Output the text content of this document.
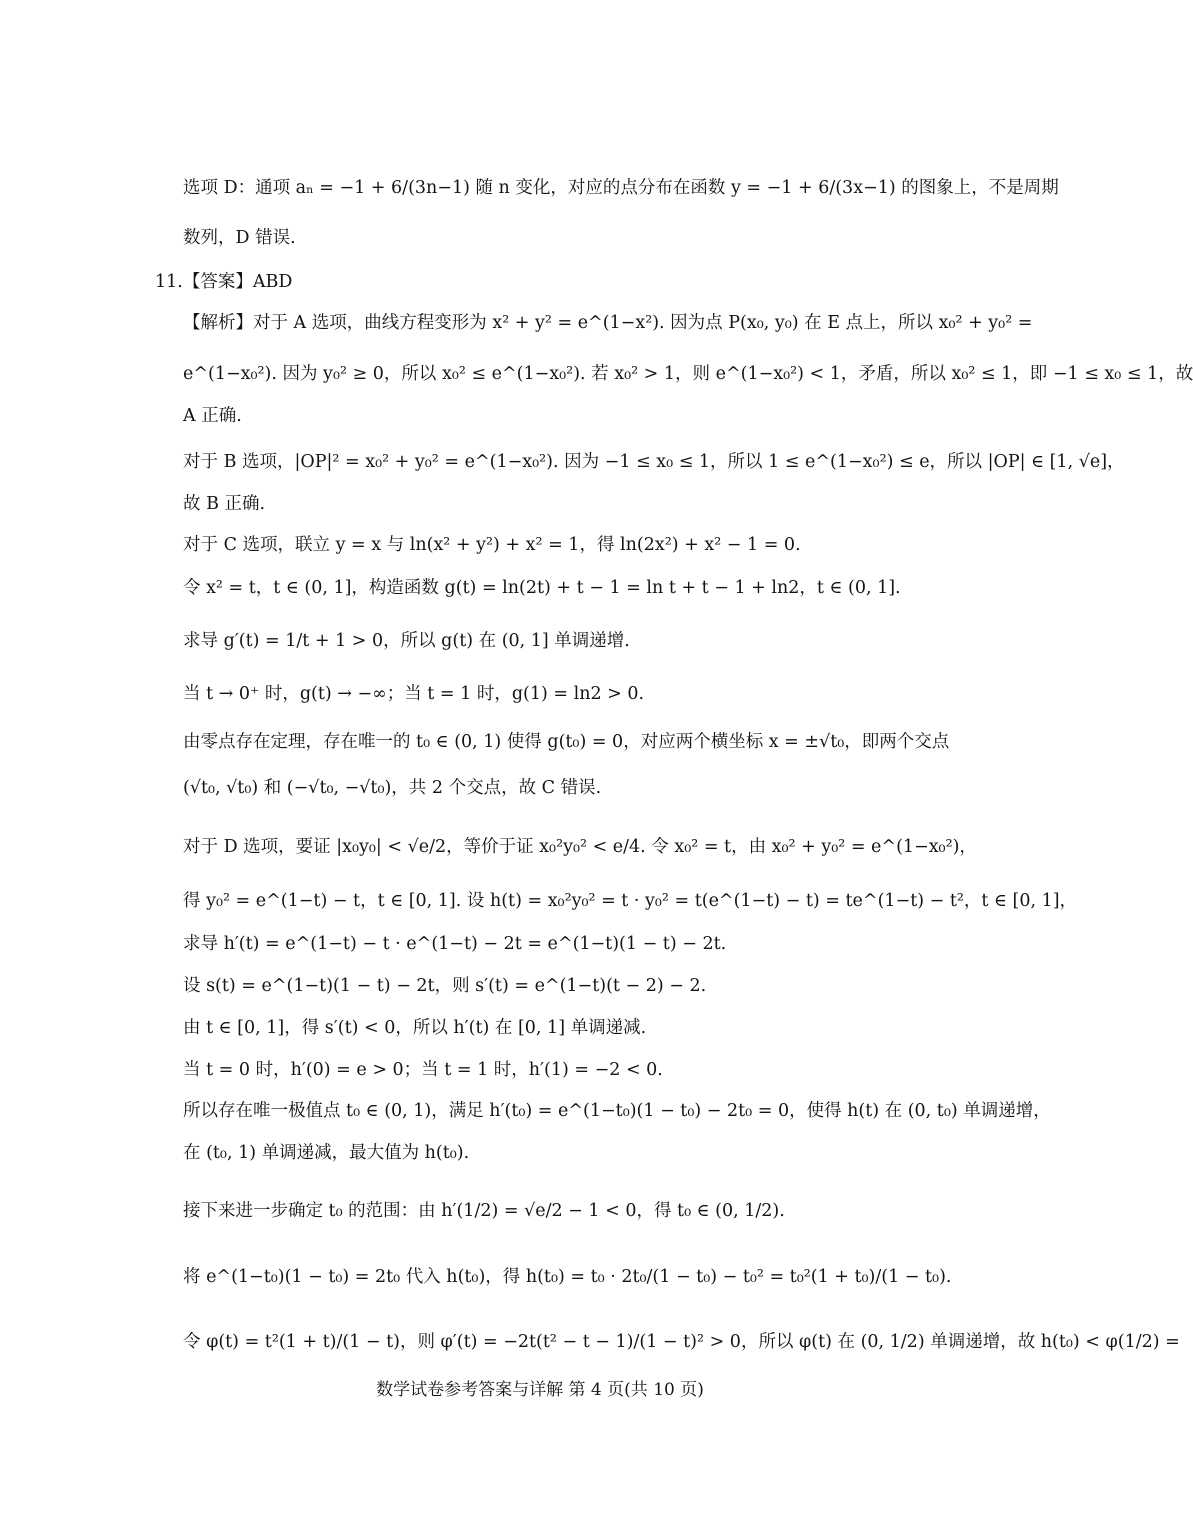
选项 D：通项 aₙ = −1 + 6/(3n−1) 随 n 变化，对应的点分布在函数 y = −1 + 6/(3x−1) 的图象上，不是周期
数列，D 错误.
11.【答案】ABD
【解析】对于 A 选项，曲线方程变形为 x² + y² = e^(1−x²). 因为点 P(x₀, y₀) 在 E 点上，所以 x₀² + y₀² =
e^(1−x₀²). 因为 y₀² ≥ 0，所以 x₀² ≤ e^(1−x₀²). 若 x₀² > 1，则 e^(1−x₀²) < 1，矛盾，所以 x₀² ≤ 1，即 −1 ≤ x₀ ≤ 1，故
A 正确.
对于 B 选项，|OP|² = x₀² + y₀² = e^(1−x₀²). 因为 −1 ≤ x₀ ≤ 1，所以 1 ≤ e^(1−x₀²) ≤ e，所以 |OP| ∈ [1, √e]，
故 B 正确.
对于 C 选项，联立 y = x 与 ln(x² + y²) + x² = 1，得 ln(2x²) + x² − 1 = 0.
令 x² = t，t ∈ (0, 1]，构造函数 g(t) = ln(2t) + t − 1 = ln t + t − 1 + ln2，t ∈ (0, 1].
求导 g′(t) = 1/t + 1 > 0，所以 g(t) 在 (0, 1] 单调递增.
当 t → 0⁺ 时，g(t) → −∞；当 t = 1 时，g(1) = ln2 > 0.
由零点存在定理，存在唯一的 t₀ ∈ (0, 1) 使得 g(t₀) = 0，对应两个横坐标 x = ±√t₀，即两个交点
(√t₀, √t₀) 和 (−√t₀, −√t₀)，共 2 个交点，故 C 错误.
对于 D 选项，要证 |x₀y₀| < √e/2，等价于证 x₀²y₀² < e/4. 令 x₀² = t，由 x₀² + y₀² = e^(1−x₀²)，
得 y₀² = e^(1−t) − t，t ∈ [0, 1]. 设 h(t) = x₀²y₀² = t · y₀² = t(e^(1−t) − t) = te^(1−t) − t²，t ∈ [0, 1]，
求导 h′(t) = e^(1−t) − t · e^(1−t) − 2t = e^(1−t)(1 − t) − 2t.
设 s(t) = e^(1−t)(1 − t) − 2t，则 s′(t) = e^(1−t)(t − 2) − 2.
由 t ∈ [0, 1]，得 s′(t) < 0，所以 h′(t) 在 [0, 1] 单调递减.
当 t = 0 时，h′(0) = e > 0；当 t = 1 时，h′(1) = −2 < 0.
所以存在唯一极值点 t₀ ∈ (0, 1)，满足 h′(t₀) = e^(1−t₀)(1 − t₀) − 2t₀ = 0，使得 h(t) 在 (0, t₀) 单调递增，
在 (t₀, 1) 单调递减，最大值为 h(t₀).
接下来进一步确定 t₀ 的范围：由 h′(1/2) = √e/2 − 1 < 0，得 t₀ ∈ (0, 1/2).
将 e^(1−t₀)(1 − t₀) = 2t₀ 代入 h(t₀)，得 h(t₀) = t₀ · 2t₀/(1 − t₀) − t₀² = t₀²(1 + t₀)/(1 − t₀).
令 φ(t) = t²(1 + t)/(1 − t)，则 φ′(t) = −2t(t² − t − 1)/(1 − t)² > 0，所以 φ(t) 在 (0, 1/2) 单调递增，故 h(t₀) < φ(1/2) =
数学试卷参考答案与详解 第 4 页(共 10 页)
